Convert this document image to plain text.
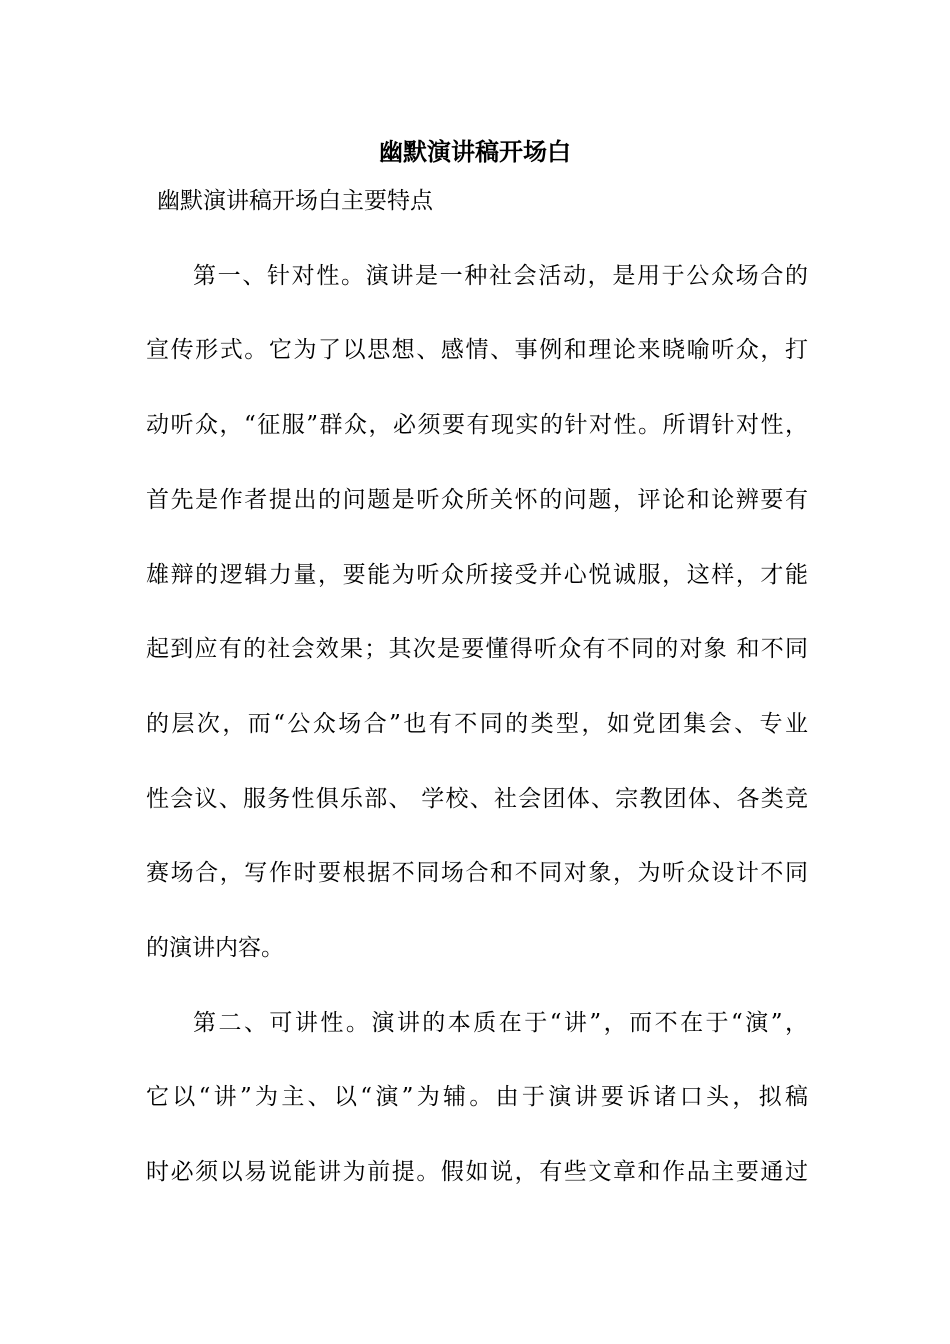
幽默演讲稿开场白

幽默演讲稿开场白主要特点

第一、针对性。演讲是一种社会活动，是用于公众场合的

宣传形式。它为了以思想、感情、事例和理论来晓喻听众，打

动听众，“征服”群众，必须要有现实的针对性。所谓针对性，

首先是作者提出的问题是听众所关怀的问题，评论和论辨要有

雄辩的逻辑力量，要能为听众所接受并心悦诚服，这样，才能

起到应有的社会效果；其次是要懂得听众有不同的对象 和不同

的层次，而“公众场合”也有不同的类型，如党团集会、专业

性会议、服务性俱乐部、 学校、社会团体、宗教团体、各类竞

赛场合，写作时要根据不同场合和不同对象，为听众设计不同

的演讲内容。

第二、可讲性。演讲的本质在于“讲”，而不在于“演”，

它以“讲”为主、以“演”为辅。由于演讲要诉诸口头，拟稿

时必须以易说能讲为前提。假如说，有些文章和作品主要通过
